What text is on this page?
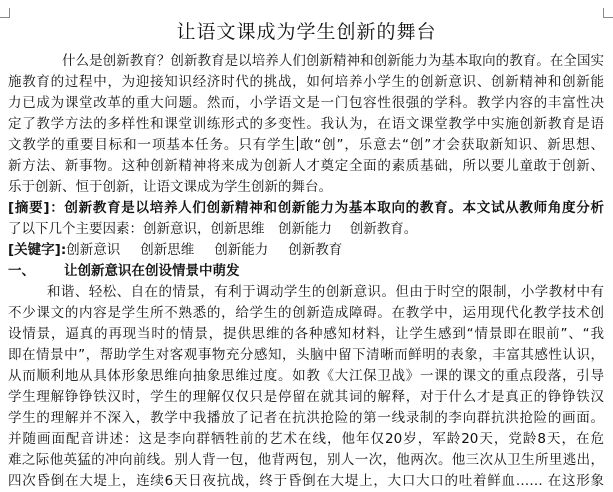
让语文课成为学生创新的舞台
什么是创新教育？创新教育是以培养人们创新精神和创新能力为基本取向的教育。在全国实
施教育的过程中，为迎接知识经济时代的挑战，如何培养小学生的创新意识、创新精神和创新能
力已成为课堂改革的重大问题。然而，小学语文是一门包容性很强的学科。教学内容的丰富性决
定了教学方法的多样性和课堂训练形式的多变性。我认为，在语文课堂教学中实施创新教育是语
文教学的重要目标和一项基本任务。只有学生 敢“创”，乐意去“创”才会获取新知识、新思想、
新方法、新事物。这种创新精神将来成为创新人才奠定全面的素质基础，所以要儿童敢于创新、
乐于创新、恒于创新，让语文课成为学生创新的舞台。
[摘要]：创新教育是以培养人们创新精神和创新能力为基本取向的教育。本文试从教师角度分析
了以下几个主要因素：创新意识，创新思维　创新能力　 创新教育。
[关键字]:创新意识 创新思维 创新能力 创新教育
一、 让创新意识在创设情景中萌发
和谐、轻松、自在的情景，有利于调动学生的创新意识。但由于时空的限制，小学教材中有
不少课文的内容是学生所不熟悉的，给学生的创新造成障碍。在教学中，运用现代化教学技术创
设情景，逼真的再现当时的情景，提供思维的各种感知材料，让学生感到“情景即在眼前”、“我
即在情景中”，帮助学生对客观事物充分感知，头脑中留下清晰而鲜明的表象，丰富其感性认识，
从而顺利地从具体形象思维向抽象思维过度。如教《大江保卫战》一课的课文的重点段落，引导
学生理解铮铮铁汉时，学生的理解仅仅只是停留在就其词的解释，对于什么才是真正的铮铮铁汉
学生的理解并不深入，教学中我播放了记者在抗洪抢险的第一线录制的李向群抗洪抢险的画面。
并随画面配音讲述：这是李向群牺牲前的艺术在线，他年仅20岁，军龄20天，党龄8天，在危
难之际他英猛的冲向前线。别人背一包，他背两包，别人一次，他两次。他三次从卫生所里逃出，
四次昏倒在大堤上，连续6天日夜抗战，终于昏倒在大堤上，大口大口的吐着鲜血…… 在这形象
